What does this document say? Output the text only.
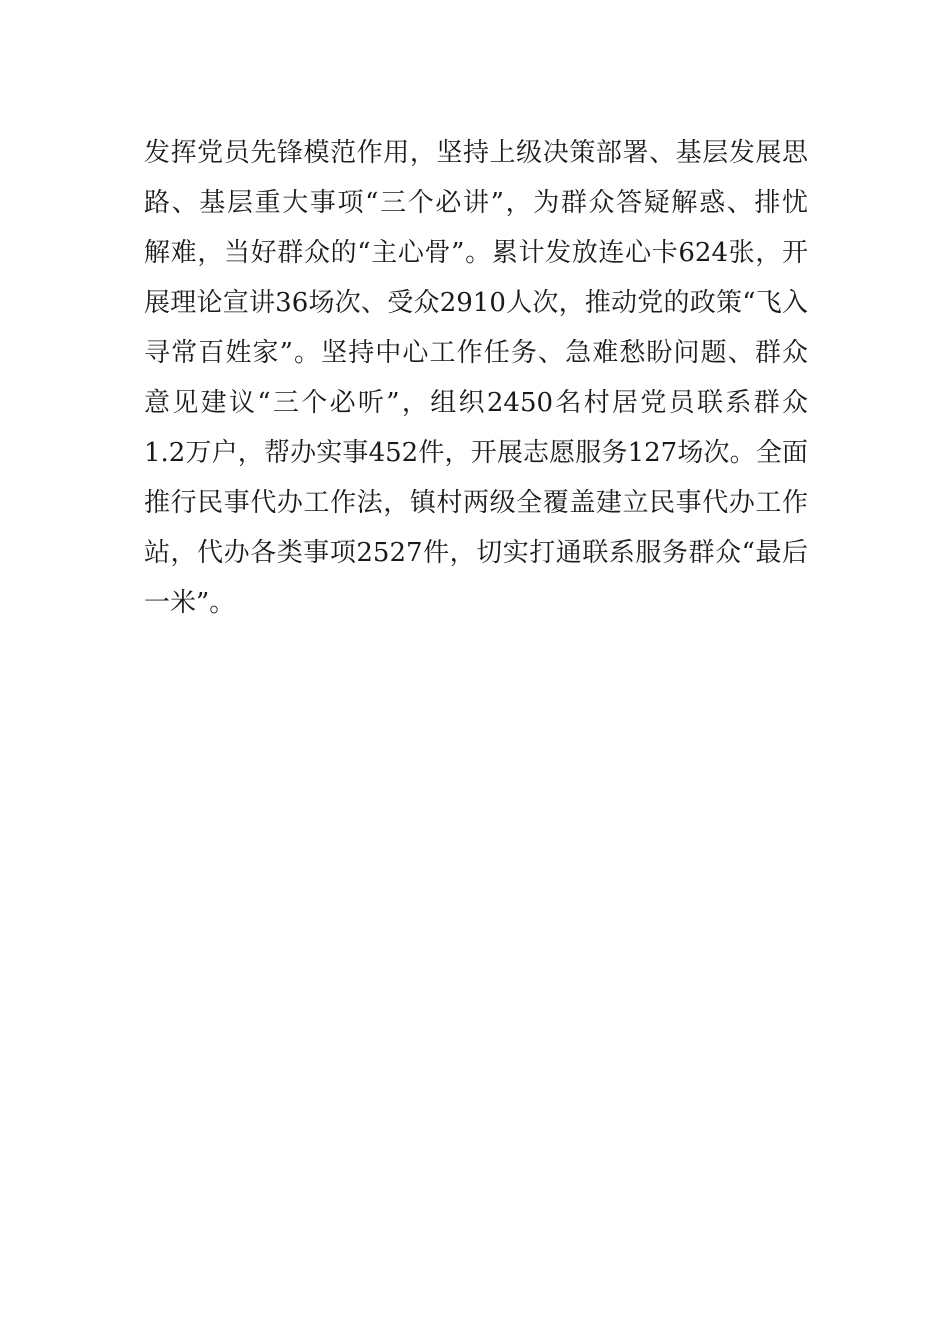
发挥党员先锋模范作用，坚持上级决策部署、基层发展思
路、基层重大事项“三个必讲”，为群众答疑解惑、排忧
解难，当好群众的“主心骨”。累计发放连心卡624张，开
展理论宣讲36场次、受众2910人次，推动党的政策“飞入
寻常百姓家”。坚持中心工作任务、急难愁盼问题、群众
意见建议“三个必听”，组织2450名村居党员联系群众
1.2万户，帮办实事452件，开展志愿服务127场次。全面
推行民事代办工作法，镇村两级全覆盖建立民事代办工作
站，代办各类事项2527件，切实打通联系服务群众“最后
一米”。
